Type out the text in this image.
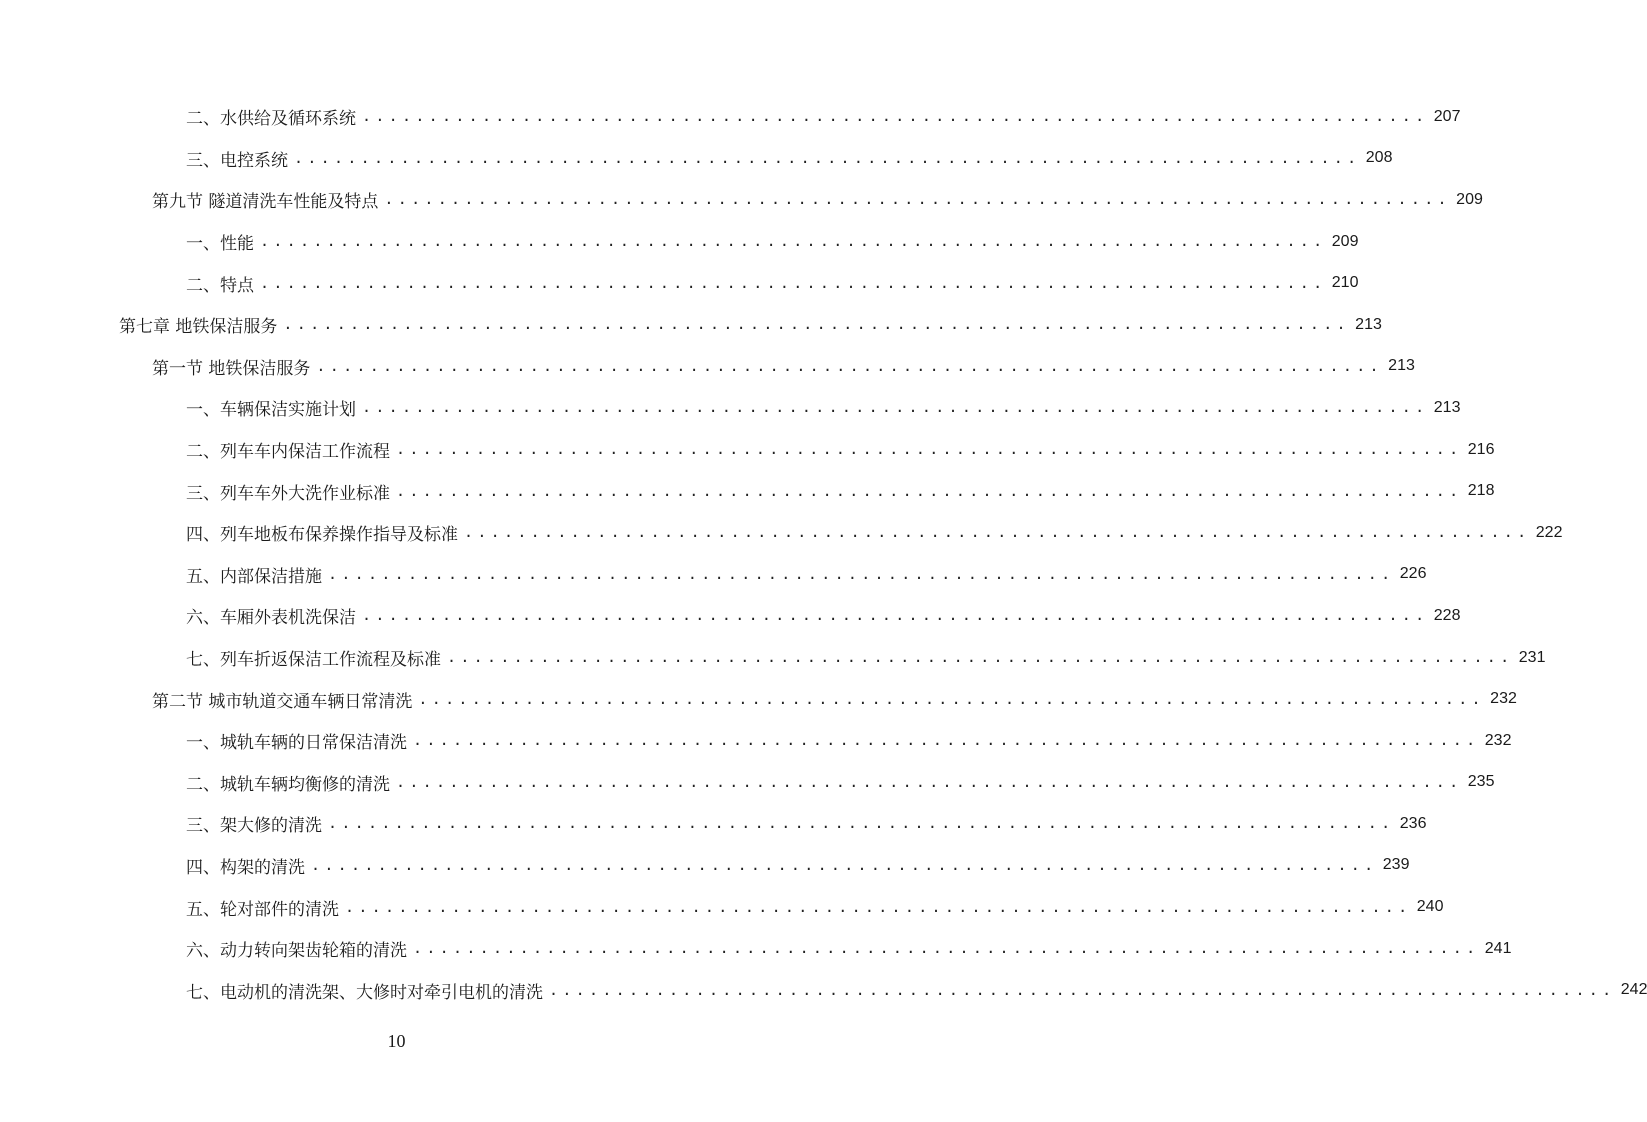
二、水供给及循环系统 ................................................................................ 207
三、电控系统 ................................................................................ 208
第九节 隧道清洗车性能及特点 ................................................................................ 209
一、性能 ................................................................................ 209
二、特点 ................................................................................ 210
第七章 地铁保洁服务 ................................................................................ 213
第一节 地铁保洁服务 ................................................................................ 213
一、车辆保洁实施计划 ................................................................................ 213
二、列车车内保洁工作流程 ................................................................................ 216
三、列车车外大洗作业标准 ................................................................................ 218
四、列车地板布保养操作指导及标准 ................................................................................ 222
五、内部保洁措施 ................................................................................ 226
六、车厢外表机洗保洁 ................................................................................ 228
七、列车折返保洁工作流程及标准 ................................................................................ 231
第二节 城市轨道交通车辆日常清洗 ................................................................................ 232
一、城轨车辆的日常保洁清洗 ................................................................................ 232
二、城轨车辆均衡修的清洗 ................................................................................ 235
三、架大修的清洗 ................................................................................ 236
四、构架的清洗 ................................................................................ 239
五、轮对部件的清洗 ................................................................................ 240
六、动力转向架齿轮箱的清洗 ................................................................................ 241
七、电动机的清洗架、大修时对牵引电机的清洗 ................................................................................ 242
10
